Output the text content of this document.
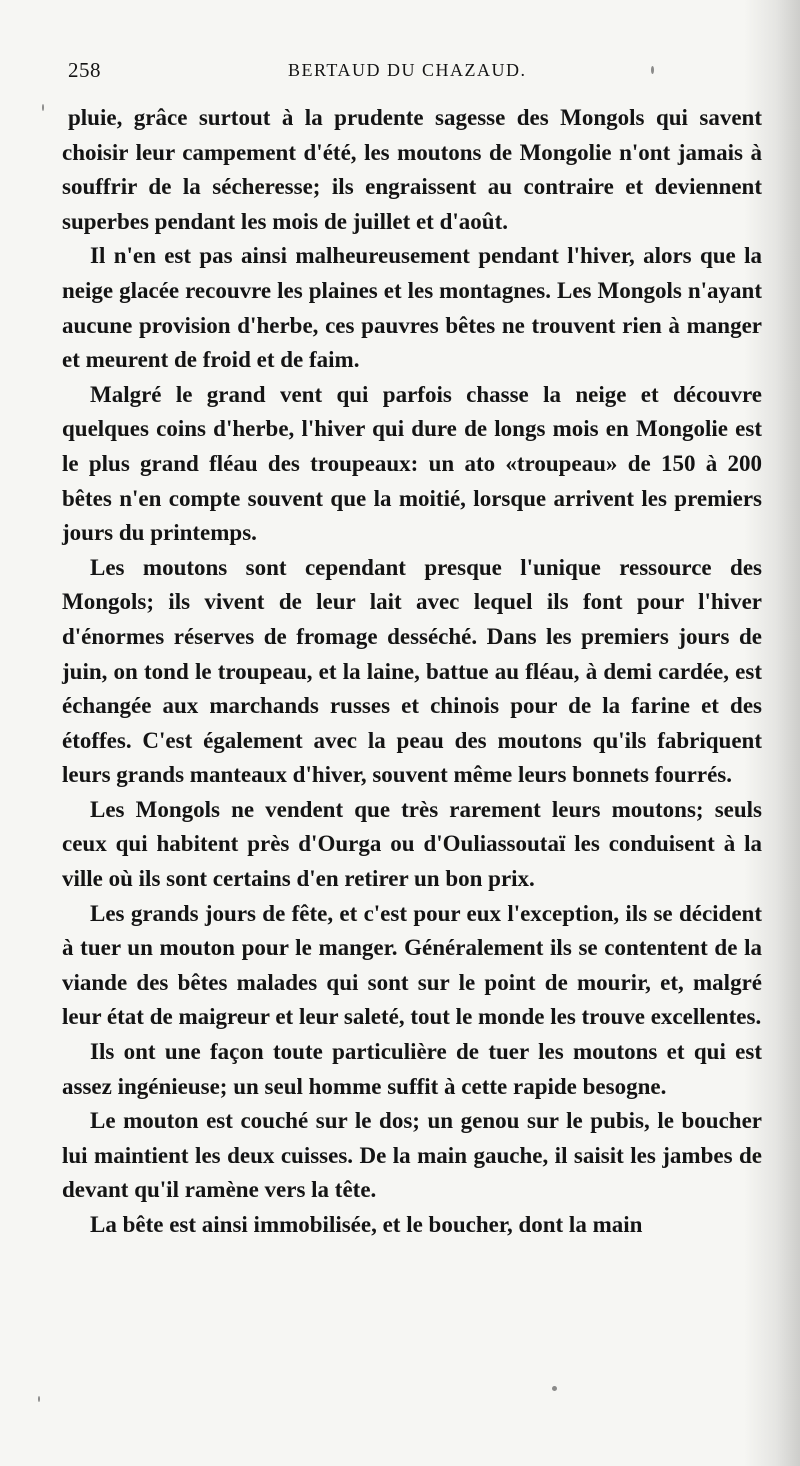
258	BERTAUD DU CHAZAUD.

pluie, grâce surtout à la prudente sagesse des Mongols qui savent choisir leur campement d'été, les moutons de Mongolie n'ont jamais à souffrir de la sécheresse; ils engraissent au contraire et deviennent superbes pendant les mois de juillet et d'août.

Il n'en est pas ainsi malheureusement pendant l'hiver, alors que la neige glacée recouvre les plaines et les montagnes. Les Mongols n'ayant aucune provision d'herbe, ces pauvres bêtes ne trouvent rien à manger et meurent de froid et de faim.

Malgré le grand vent qui parfois chasse la neige et découvre quelques coins d'herbe, l'hiver qui dure de longs mois en Mongolie est le plus grand fléau des troupeaux: un ato «troupeau» de 150 à 200 bêtes n'en compte souvent que la moitié, lorsque arrivent les premiers jours du printemps.

Les moutons sont cependant presque l'unique ressource des Mongols; ils vivent de leur lait avec lequel ils font pour l'hiver d'énormes réserves de fromage desséché. Dans les premiers jours de juin, on tond le troupeau, et la laine, battue au fléau, à demi cardée, est échangée aux marchands russes et chinois pour de la farine et des étoffes. C'est également avec la peau des moutons qu'ils fabriquent leurs grands manteaux d'hiver, souvent même leurs bonnets fourrés.

Les Mongols ne vendent que très rarement leurs moutons; seuls ceux qui habitent près d'Ourga ou d'Ouliassoutaï les conduisent à la ville où ils sont certains d'en retirer un bon prix.

Les grands jours de fête, et c'est pour eux l'exception, ils se décident à tuer un mouton pour le manger. Généralement ils se contentent de la viande des bêtes malades qui sont sur le point de mourir, et, malgré leur état de maigreur et leur saleté, tout le monde les trouve excellentes.

Ils ont une façon toute particulière de tuer les moutons et qui est assez ingénieuse; un seul homme suffit à cette rapide besogne.

Le mouton est couché sur le dos; un genou sur le pubis, le boucher lui maintient les deux cuisses. De la main gauche, il saisit les jambes de devant qu'il ramène vers la tête.

La bête est ainsi immobilisée, et le boucher, dont la main
